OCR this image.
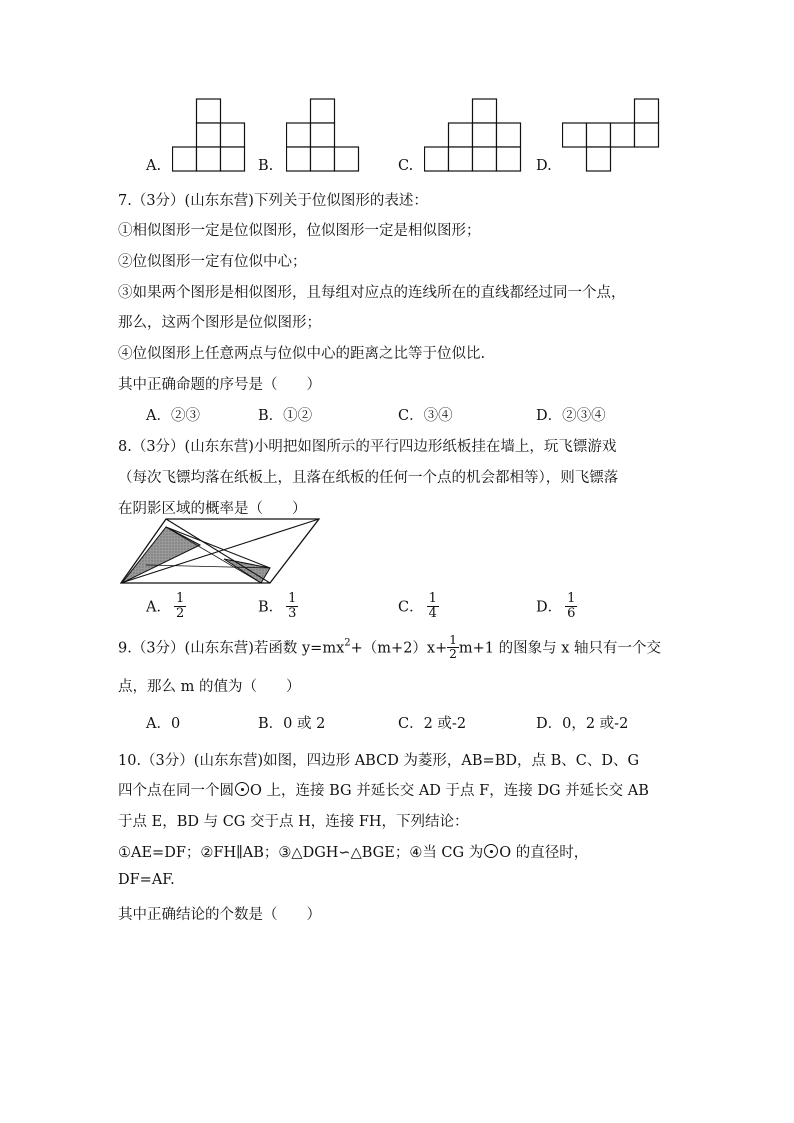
A.	B.	C.	D.
7.（3分）(山东东营)下列关于位似图形的表述：
①相似图形一定是位似图形，位似图形一定是相似图形；
②位似图形一定有位似中心；
③如果两个图形是相似图形，且每组对应点的连线所在的直线都经过同一个点，
那么，这两个图形是位似图形；
④位似图形上任意两点与位似中心的距离之比等于位似比.
其中正确命题的序号是（　　）
A．②③	B．①②	C．③④	D．②③④
8.（3分）(山东东营)小明把如图所示的平行四边形纸板挂在墙上，玩飞镖游戏
（每次飞镖均落在纸板上，且落在纸板的任何一个点的机会都相等），则飞镖落
在阴影区域的概率是（　　）
A． $\frac{1}{2}$	B． $\frac{1}{3}$	C． $\frac{1}{4}$	D． $\frac{1}{6}$
9.（3分）(山东东营)若函数 $y=mx^2+(m+2)x+ \frac{1}{2} m+1$ 的图象与 x 轴只有一个交
点，那么 m 的值为（　　）
A．0	B．0 或 2	C．2 或-2	D．0，2 或-2
10.（3分）(山东东营)如图，四边形 ABCD 为菱形，AB=BD，点 B、C、D、G
四个点在同一个圆 O 上，连接 BG 并延长交 AD 于点 F，连接 DG 并延长交 AB
于点 E，BD 与 CG 交于点 H，连接 FH，下列结论：
①AE=DF；②FH∥AB；③△DGH∽△BGE；④当 CG 为 O 的直径时，
DF=AF.
其中正确结论的个数是（　　）
